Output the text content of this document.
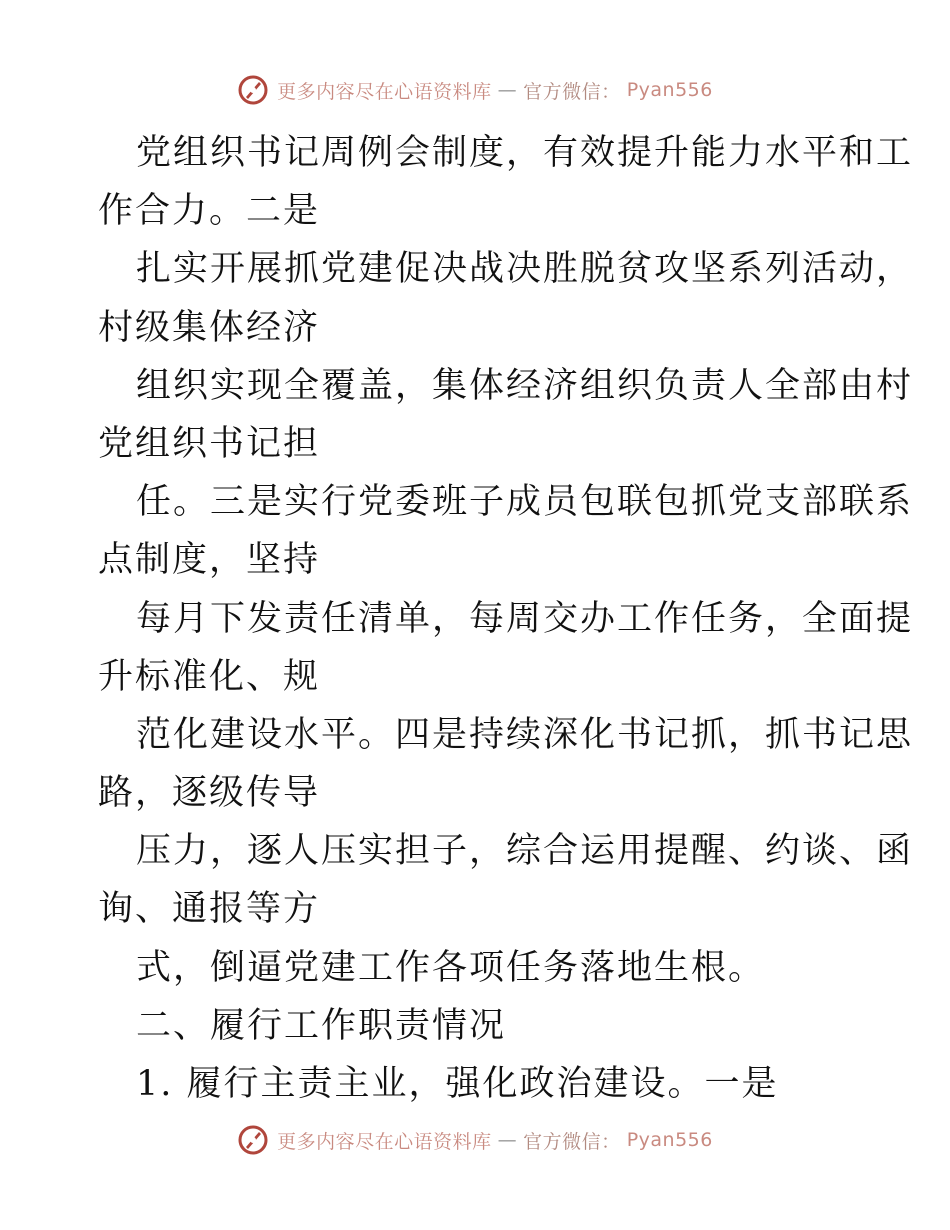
更多内容尽在心语资料库 — 官方微信： Pyan556
党组织书记周例会制度，有效提升能力水平和工
作合力。二是
扎实开展抓党建促决战决胜脱贫攻坚系列活动，
村级集体经济
组织实现全覆盖，集体经济组织负责人全部由村
党组织书记担
任。三是实行党委班子成员包联包抓党支部联系
点制度，坚持
每月下发责任清单，每周交办工作任务，全面提
升标准化、规
范化建设水平。四是持续深化书记抓，抓书记思
路，逐级传导
压力，逐人压实担子，综合运用提醒、约谈、函
询、通报等方
式，倒逼党建工作各项任务落地生根。
二、履行工作职责情况
1. 履行主责主业，强化政治建设。一是
更多内容尽在心语资料库 — 官方微信： Pyan556
